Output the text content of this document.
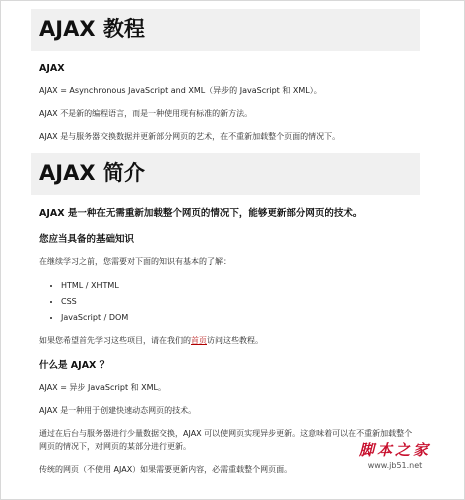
AJAX 教程
AJAX

AJAX = Asynchronous JavaScript and XML（异步的 JavaScript 和 XML）。

AJAX 不是新的编程语言，而是一种使用现有标准的新方法。

AJAX 是与服务器交换数据并更新部分网页的艺术，在不重新加载整个页面的情况下。

AJAX 简介
AJAX 是一种在无需重新加载整个网页的情况下，能够更新部分网页的技术。
您应当具备的基础知识

在继续学习之前，您需要对下面的知识有基本的了解：

• HTML / XHTML
• CSS
• JavaScript / DOM

如果您希望首先学习这些项目，请在我们的首页访问这些教程。

什么是 AJAX ？

AJAX = 异步 JavaScript 和 XML。

AJAX 是一种用于创建快速动态网页的技术。

通过在后台与服务器进行少量数据交换，AJAX 可以使网页实现异步更新。这意味着可以在不重新加载整个网页的情况下，对网页的某部分进行更新。

传统的网页（不使用 AJAX）如果需要更新内容，必需重载整个网页面。

脚本之家
www.jb51.net
